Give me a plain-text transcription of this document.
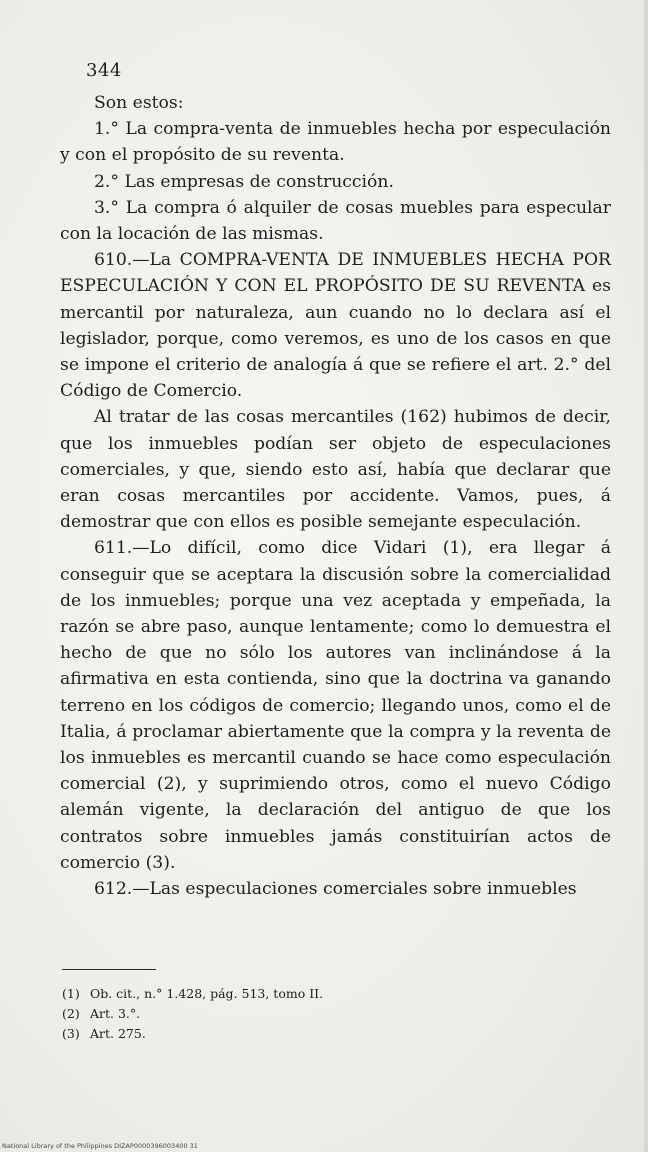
344

Son estos:

1.° La compra-venta de inmuebles hecha por especulación y con el propósito de su reventa.

2.° Las empresas de construcción.

3.° La compra ó alquiler de cosas muebles para especular con la locación de las mismas.

610.—La COMPRA-VENTA DE INMUEBLES HECHA POR ESPECULACIÓN Y CON EL PROPÓSITO DE SU REVENTA es mercantil por naturaleza, aun cuando no lo declara así el legislador, porque, como veremos, es uno de los casos en que se impone el criterio de analogía á que se refiere el art. 2.° del Código de Comercio.

Al tratar de las cosas mercantiles (162) hubimos de decir, que los inmuebles podían ser objeto de especulaciones comerciales, y que, siendo esto así, había que declarar que eran cosas mercantiles por accidente. Vamos, pues, á demostrar que con ellos es posible semejante especulación.

611.—Lo difícil, como dice Vidari (1), era llegar á conseguir que se aceptara la discusión sobre la comercialidad de los inmuebles; porque una vez aceptada y empeñada, la razón se abre paso, aunque lentamente; como lo demuestra el hecho de que no sólo los autores van inclinándose á la afirmativa en esta contienda, sino que la doctrina va ganando terreno en los códigos de comercio; llegando unos, como el de Italia, á proclamar abiertamente que la compra y la reventa de los inmuebles es mercantil cuando se hace como especulación comercial (2), y suprimiendo otros, como el nuevo Código alemán vigente, la declaración del antiguo de que los contratos sobre inmuebles jamás constituirían actos de comercio (3).

612.—Las especulaciones comerciales sobre inmuebles

(1) Ob. cit., n.° 1.428, pág. 513, tomo II.
(2) Art. 3.°.
(3) Art. 275.
National Library of the Philippines DIZAP0000396003400 31
